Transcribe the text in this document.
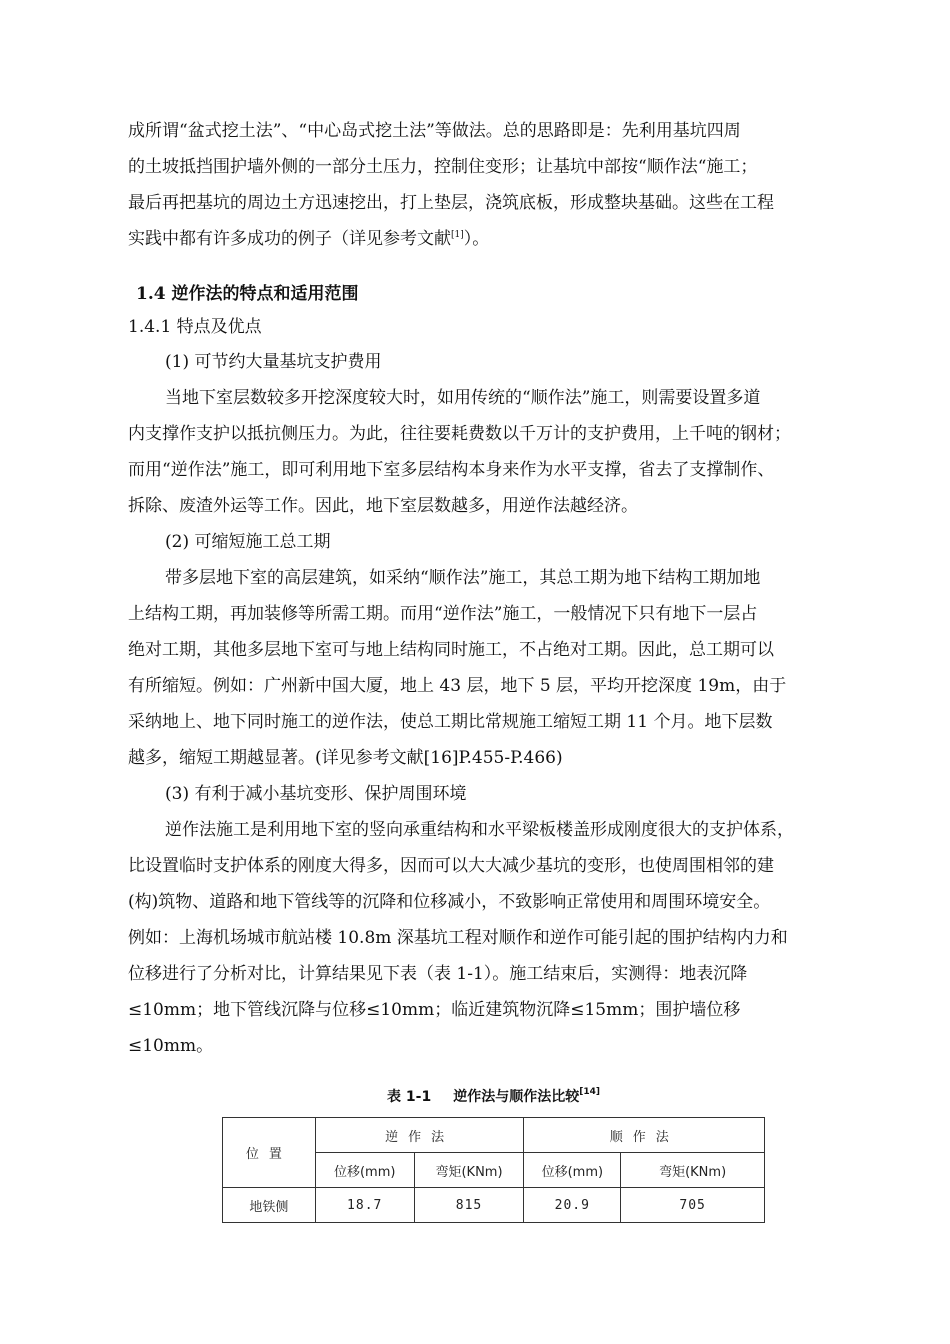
成所谓“盆式挖土法”、“中心岛式挖土法”等做法。总的思路即是：先利用基坑四周
的土坡抵挡围护墙外侧的一部分土压力，控制住变形；让基坑中部按“顺作法“施工；
最后再把基坑的周边土方迅速挖出，打上垫层，浇筑底板，形成整块基础。这些在工程
实践中都有许多成功的例子（详见参考文献[1]）。
1.4 逆作法的特点和适用范围
1.4.1 特点及优点
(1) 可节约大量基坑支护费用
当地下室层数较多开挖深度较大时，如用传统的“顺作法”施工，则需要设置多道
内支撑作支护以抵抗侧压力。为此，往往要耗费数以千万计的支护费用，上千吨的钢材；
而用“逆作法”施工，即可利用地下室多层结构本身来作为水平支撑，省去了支撑制作、
拆除、废渣外运等工作。因此，地下室层数越多，用逆作法越经济。
(2) 可缩短施工总工期
带多层地下室的高层建筑，如采纳“顺作法”施工，其总工期为地下结构工期加地
上结构工期，再加装修等所需工期。而用“逆作法”施工，一般情况下只有地下一层占
绝对工期，其他多层地下室可与地上结构同时施工，不占绝对工期。因此，总工期可以
有所缩短。例如：广州新中国大厦，地上 43 层，地下 5 层，平均开挖深度 19m，由于
采纳地上、地下同时施工的逆作法，使总工期比常规施工缩短工期 11 个月。地下层数
越多，缩短工期越显著。(详见参考文献[16]P.455-P.466)
(3) 有利于减小基坑变形、保护周围环境
逆作法施工是利用地下室的竖向承重结构和水平梁板楼盖形成刚度很大的支护体系，
比设置临时支护体系的刚度大得多，因而可以大大减少基坑的变形，也使周围相邻的建
(构)筑物、道路和地下管线等的沉降和位移减小，不致影响正常使用和周围环境安全。
例如：上海机场城市航站楼 10.8m 深基坑工程对顺作和逆作可能引起的围护结构内力和
位移进行了分析对比，计算结果见下表（表 1-1）。施工结束后，实测得：地表沉降
≤10mm；地下管线沉降与位移≤10mm；临近建筑物沉降≤15mm；围护墙位移
≤10mm。
表 1-1 逆作法与顺作法比较[14]
位置	逆作法		顺作法	
	位移(mm)	弯矩(KNm)	位移(mm)	弯矩(KNm)
地铁侧	18.7	815	20.9	705
